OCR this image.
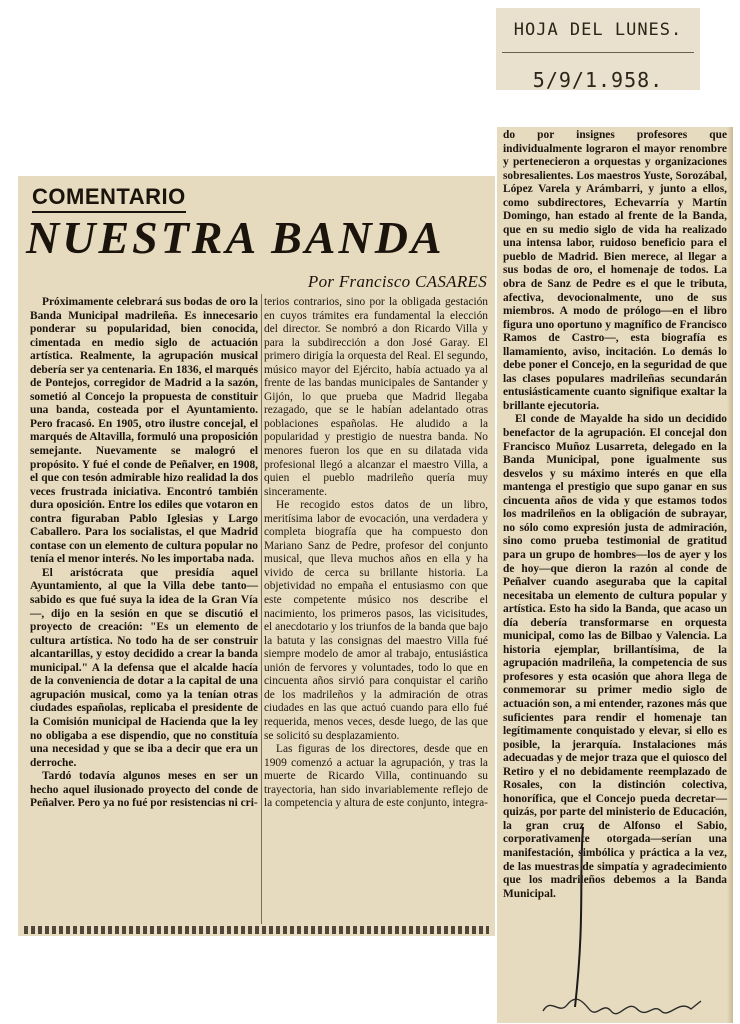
HOJA DEL LUNES.
5/9/1.958.
COMENTARIO
NUESTRA BANDA
Por Francisco CASARES

Próximamente celebrará sus bodas de oro la Banda Municipal madrileña. Es innecesario ponderar su popularidad, bien conocida, cimentada en medio siglo de actuación artística. Realmente, la agrupación musical debería ser ya centenaria. En 1836, el marqués de Pontejos, corregidor de Madrid a la sazón, sometió al Concejo la propuesta de constituir una banda, costeada por el Ayuntamiento. Pero fracasó. En 1905, otro ilustre concejal, el marqués de Altavilla, formuló una proposición semejante. Nuevamente se malogró el propósito. Y fué el conde de Peñalver, en 1908, el que con tesón admirable hizo realidad la dos veces frustrada iniciativa. Encontró también dura oposición. Entre los ediles que votaron en contra figuraban Pablo Iglesias y Largo Caballero. Para los socialistas, el que Madrid contase con un elemento de cultura popular no tenía el menor interés. No les importaba nada.

El aristócrata que presidía aquel Ayuntamiento, al que la Villa debe tanto—sabido es que fué suya la idea de la Gran Vía—, dijo en la sesión en que se discutió el proyecto de creación: "Es un elemento de cultura artística. No todo ha de ser construir alcantarillas, y estoy decidido a crear la banda municipal." A la defensa que el alcalde hacía de la conveniencia de dotar a la capital de una agrupación musical, como ya la tenían otras ciudades españolas, replicaba el presidente de la Comisión municipal de Hacienda que la ley no obligaba a ese dispendio, que no constituía una necesidad y que se iba a decir que era un derroche.

Tardó todavía algunos meses en ser un hecho aquel ilusionado proyecto del conde de Peñalver. Pero ya no fué por resistencias ni cri-

terios contrarios, sino por la obligada gestación en cuyos trámites era fundamental la elección del director. Se nombró a don Ricardo Villa y para la subdirección a don José Garay. El primero dirigía la orquesta del Real. El segundo, músico mayor del Ejército, había actuado ya al frente de las bandas municipales de Santander y Gijón, lo que prueba que Madrid llegaba rezagado, que se le habían adelantado otras poblaciones españolas. He aludido a la popularidad y prestigio de nuestra banda. No menores fueron los que en su dilatada vida profesional llegó a alcanzar el maestro Villa, a quien el pueblo madrileño quería muy sinceramente.

He recogido estos datos de un libro, meritísima labor de evocación, una verdadera y completa biografía que ha compuesto don Mariano Sanz de Pedre, profesor del conjunto musical, que lleva muchos años en ella y ha vivido de cerca su brillante historia. La objetividad no empaña el entusiasmo con que este competente músico nos describe el nacimiento, los primeros pasos, las vicisitudes, el anecdotario y los triunfos de la banda que bajo la batuta y las consignas del maestro Villa fué siempre modelo de amor al trabajo, entusiástica unión de fervores y voluntades, todo lo que en cincuenta años sirvió para conquistar el cariño de los madrileños y la admiración de otras ciudades en las que actuó cuando para ello fué requerida, menos veces, desde luego, de las que se solicitó su desplazamiento.

Las figuras de los directores, desde que en 1909 comenzó a actuar la agrupación, y tras la muerte de Ricardo Villa, continuando su trayectoria, han sido invariablemente reflejo de la competencia y altura de este conjunto, integra-

do por insignes profesores que individualmente lograron el mayor renombre y pertenecieron a orquestas y organizaciones sobresalientes. Los maestros Yuste, Sorozábal, López Varela y Arámbarri, y junto a ellos, como subdirectores, Echevarría y Martín Domingo, han estado al frente de la Banda, que en su medio siglo de vida ha realizado una intensa labor, ruidoso beneficio para el pueblo de Madrid. Bien merece, al llegar a sus bodas de oro, el homenaje de todos. La obra de Sanz de Pedre es el que le tributa, afectiva, devocionalmente, uno de sus miembros. A modo de prólogo—en el libro figura uno oportuno y magnífico de Francisco Ramos de Castro—, esta biografía es llamamiento, aviso, incitación. Lo demás lo debe poner el Concejo, en la seguridad de que las clases populares madrileñas secundarán entusiásticamente cuanto signifique exaltar la brillante ejecutoria.

El conde de Mayalde ha sido un decidido benefactor de la agrupación. El concejal don Francisco Muñoz Lusarreta, delegado en la Banda Municipal, pone igualmente sus desvelos y su máximo interés en que ella mantenga el prestigio que supo ganar en sus cincuenta años de vida y que estamos todos los madrileños en la obligación de subrayar, no sólo como expresión justa de admiración, sino como prueba testimonial de gratitud para un grupo de hombres—los de ayer y los de hoy—que dieron la razón al conde de Peñalver cuando aseguraba que la capital necesitaba un elemento de cultura popular y artística. Esto ha sido la Banda, que acaso un día debería transformarse en orquesta municipal, como las de Bilbao y Valencia. La historia ejemplar, brillantísima, de la agrupación madrileña, la competencia de sus profesores y esta ocasión que ahora llega de conmemorar su primer medio siglo de actuación son, a mi entender, razones más que suficientes para rendir el homenaje tan legítimamente conquistado y elevar, si ello es posible, la jerarquía. Instalaciones más adecuadas y de mejor traza que el quiosco del Retiro y el no debidamente reemplazado de Rosales, con la distinción colectiva, honorífica, que el Concejo pueda decretar—quizás, por parte del ministerio de Educación, la gran cruz de Alfonso el Sabio, corporativamente otorgada—serían una manifestación, simbólica y práctica a la vez, de las muestras de simpatía y agradecimiento que los madrileños debemos a la Banda Municipal.
